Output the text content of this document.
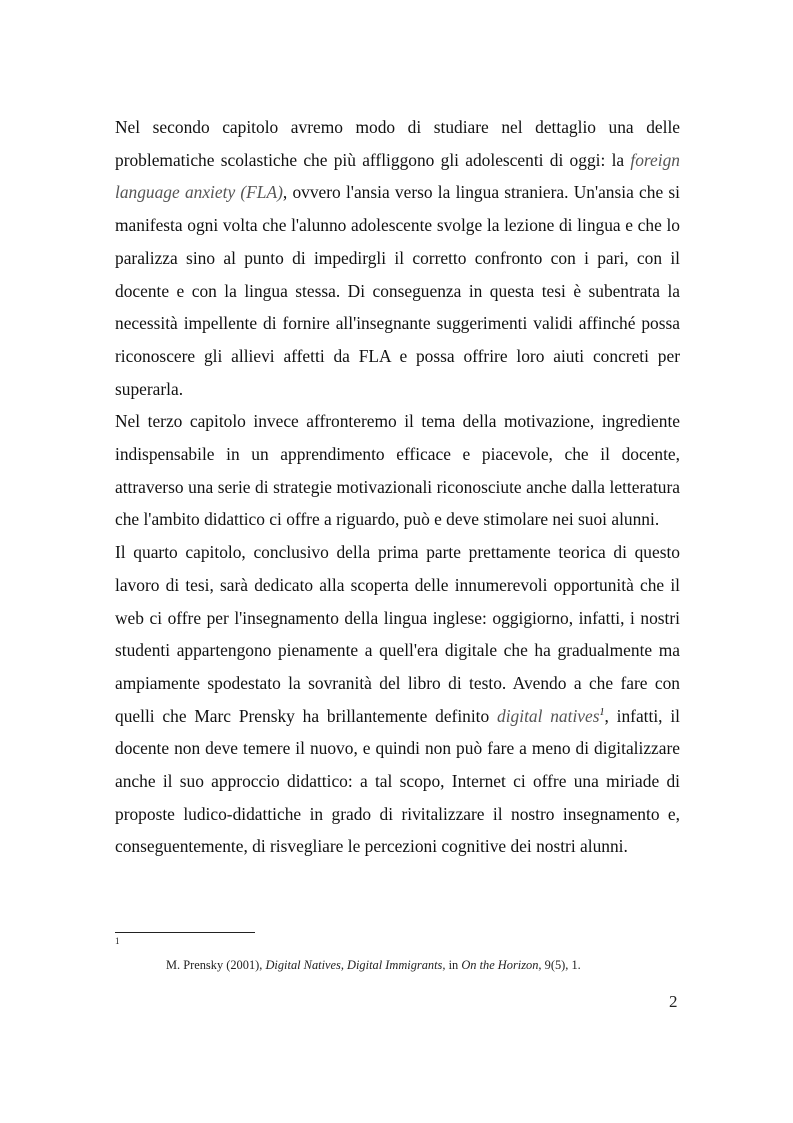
Nel secondo capitolo avremo modo di studiare nel dettaglio una delle problematiche scolastiche che più affliggono gli adolescenti di oggi: la foreign language anxiety (FLA), ovvero l'ansia verso la lingua straniera. Un'ansia che si manifesta ogni volta che l'alunno adolescente svolge la lezione di lingua e che lo paralizza sino al punto di impedirgli il corretto confronto con i pari, con il docente e con la lingua stessa. Di conseguenza in questa tesi è subentrata la necessità impellente di fornire all'insegnante suggerimenti validi affinché possa riconoscere gli allievi affetti da FLA e possa offrire loro aiuti concreti per superarla.

Nel terzo capitolo invece affronteremo il tema della motivazione, ingrediente indispensabile in un apprendimento efficace e piacevole, che il docente, attraverso una serie di strategie motivazionali riconosciute anche dalla letteratura che l'ambito didattico ci offre a riguardo, può e deve stimolare nei suoi alunni.

Il quarto capitolo, conclusivo della prima parte prettamente teorica di questo lavoro di tesi, sarà dedicato alla scoperta delle innumerevoli opportunità che il web ci offre per l'insegnamento della lingua inglese: oggigiorno, infatti, i nostri studenti appartengono pienamente a quell'era digitale che ha gradualmente ma ampiamente spodestato la sovranità del libro di testo. Avendo a che fare con quelli che Marc Prensky ha brillantemente definito digital natives$^1$, infatti, il docente non deve temere il nuovo, e quindi non può fare a meno di digitalizzare anche il suo approccio didattico: a tal scopo, Internet ci offre una miriade di proposte ludico-didattiche in grado di rivitalizzare il nostro insegnamento e, conseguentemente, di risvegliare le percezioni cognitive dei nostri alunni.

1
M. Prensky (2001), Digital Natives, Digital Immigrants, in On the Horizon, 9(5), 1.
2
